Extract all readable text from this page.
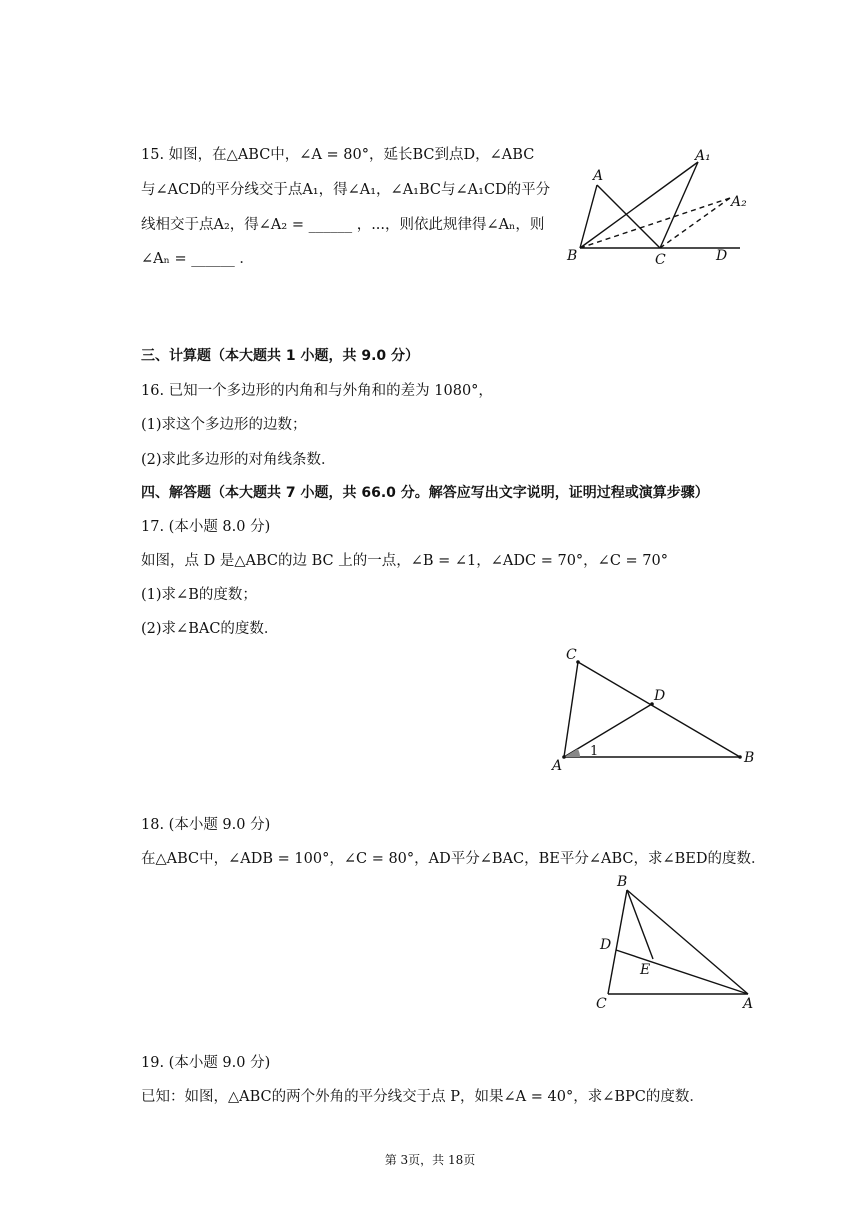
15. 如图，在△ABC中，∠A = 80°，延长BC到点D，∠ABC
与∠ACD的平分线交于点A₁，得∠A₁，∠A₁BC与∠A₁CD的平分
线相交于点A₂，得∠A₂ = ______ ，...，则依此规律得∠Aₙ，则
∠Aₙ = ______ ．
A
A₁
A₂
B	C	D
三、计算题（本大题共 1 小题，共 9.0 分）
16. 已知一个多边形的内角和与外角和的差为 1080°，
(1)求这个多边形的边数；
(2)求此多边形的对角线条数．
四、解答题（本大题共 7 小题，共 66.0 分。解答应写出文字说明，证明过程或演算步骤）
17. (本小题 8.0 分)
如图，点 D 是△ABC的边 BC 上的一点，∠B = ∠1，∠ADC = 70°，∠C = 70°
(1)求∠B的度数；
(2)求∠BAC的度数．
C
D
A	B
1
18. (本小题 9.0 分)
在△ABC中，∠ADB = 100°，∠C = 80°，AD平分∠BAC，BE平分∠ABC，求∠BED的度数．
B
D
E
C	A
19. (本小题 9.0 分)
已知：如图，△ABC的两个外角的平分线交于点 P，如果∠A = 40°，求∠BPC的度数．
第 3页，共 18页
